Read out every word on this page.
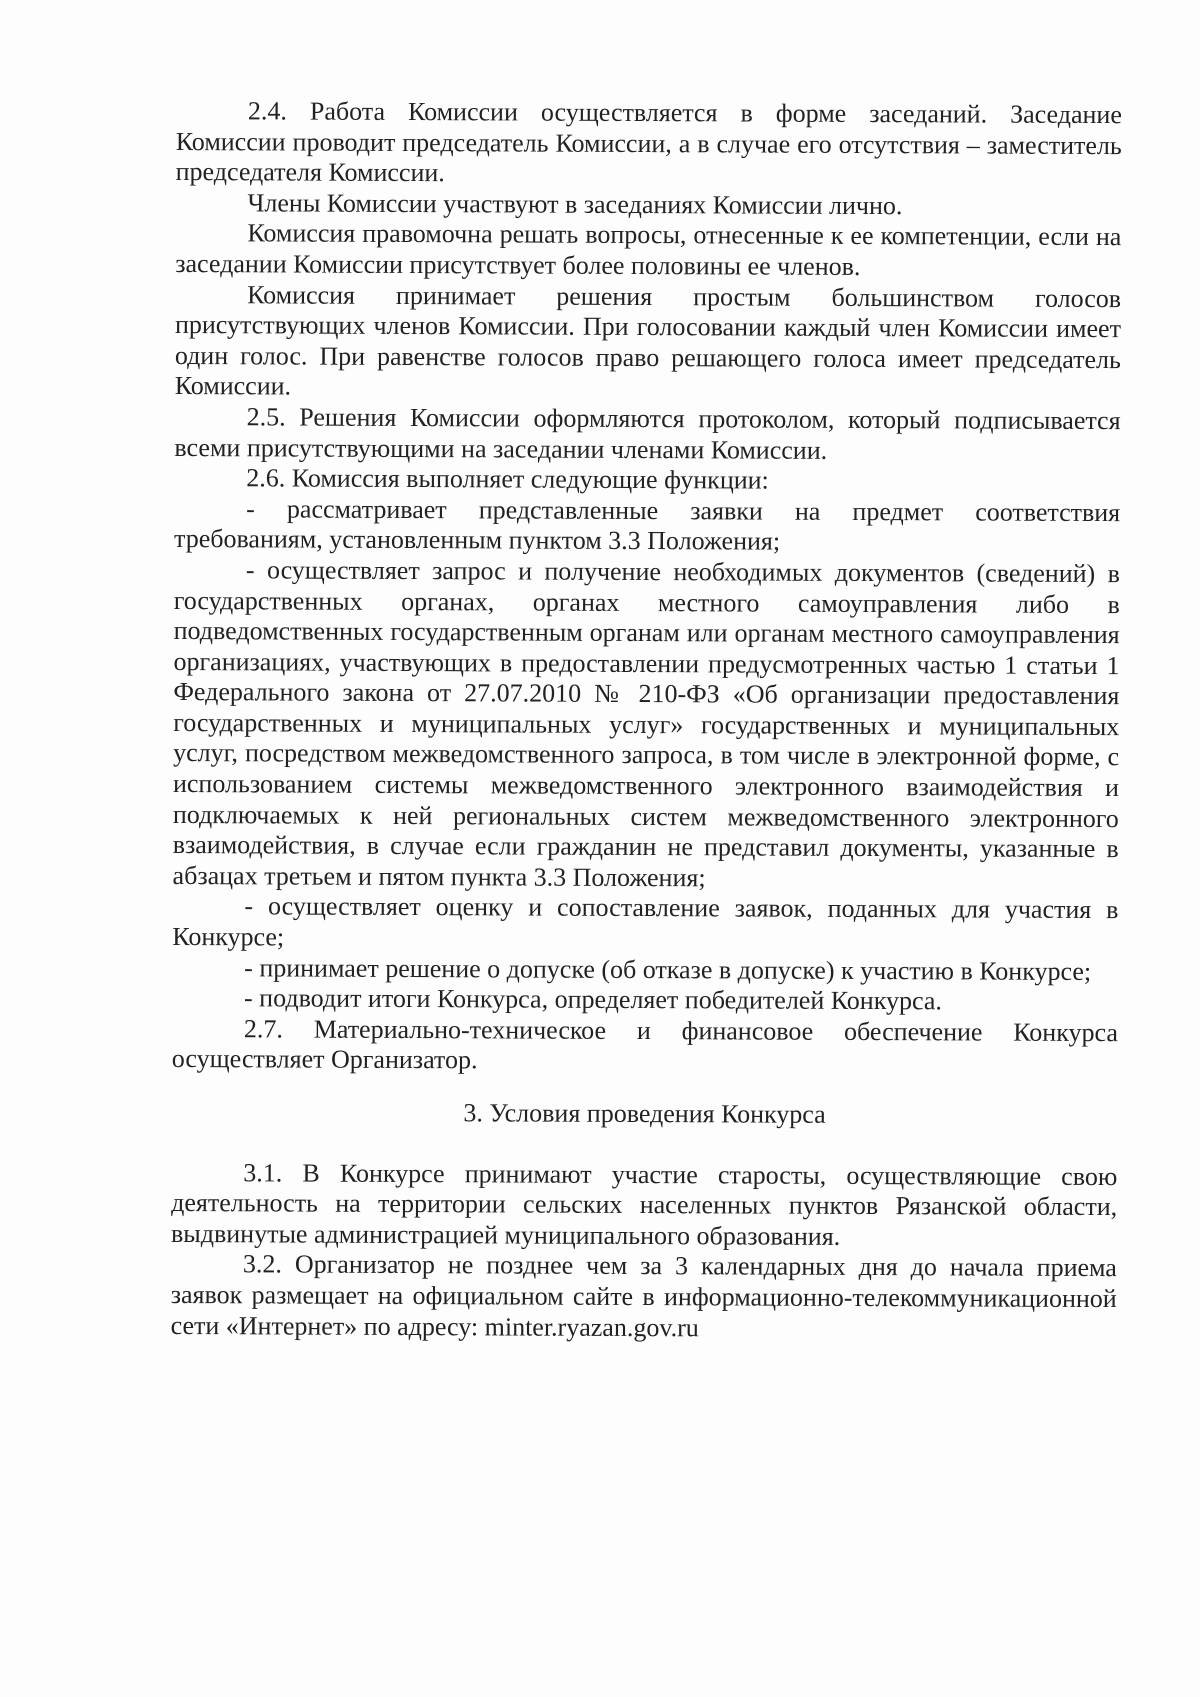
2.4. Работа Комиссии осуществляется в форме заседаний. Заседание Комиссии проводит председатель Комиссии, а в случае его отсутствия – заместитель председателя Комиссии.

Члены Комиссии участвуют в заседаниях Комиссии лично.

Комиссия правомочна решать вопросы, отнесенные к ее компетенции, если на заседании Комиссии присутствует более половины ее членов.

Комиссия принимает решения простым большинством голосов присутствующих членов Комиссии. При голосовании каждый член Комиссии имеет один голос. При равенстве голосов право решающего голоса имеет председатель Комиссии.

2.5. Решения Комиссии оформляются протоколом, который подписывается всеми присутствующими на заседании членами Комиссии.

2.6. Комиссия выполняет следующие функции:

- рассматривает представленные заявки на предмет соответствия требованиям, установленным пунктом 3.3 Положения;

- осуществляет запрос и получение необходимых документов (сведений) в государственных органах, органах местного самоуправления либо в подведомственных государственным органам или органам местного самоуправления организациях, участвующих в предоставлении предусмотренных частью 1 статьи 1 Федерального закона от 27.07.2010 № 210-ФЗ «Об организации предоставления государственных и муниципальных услуг» государственных и муниципальных услуг, посредством межведомственного запроса, в том числе в электронной форме, с использованием системы межведомственного электронного взаимодействия и подключаемых к ней региональных систем межведомственного электронного взаимодействия, в случае если гражданин не представил документы, указанные в абзацах третьем и пятом пункта 3.3 Положения;

- осуществляет оценку и сопоставление заявок, поданных для участия в Конкурсе;

- принимает решение о допуске (об отказе в допуске) к участию в Конкурсе;

- подводит итоги Конкурса, определяет победителей Конкурса.

2.7. Материально-техническое и финансовое обеспечение Конкурса осуществляет Организатор.

3. Условия проведения Конкурса

3.1. В Конкурсе принимают участие старосты, осуществляющие свою деятельность на территории сельских населенных пунктов Рязанской области, выдвинутые администрацией муниципального образования.

3.2. Организатор не позднее чем за 3 календарных дня до начала приема заявок размещает на официальном сайте в информационно-телекоммуникационной сети «Интернет» по адресу: minter.ryazan.gov.ru
